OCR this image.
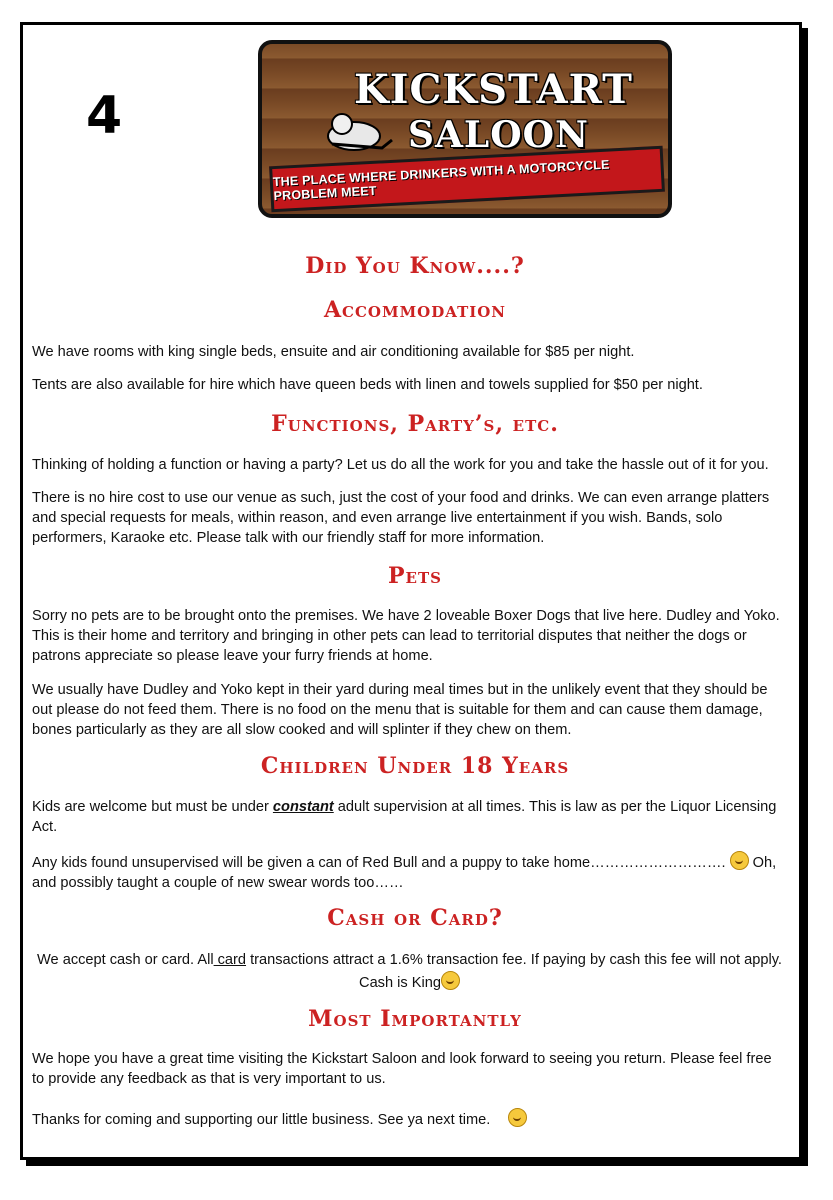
4	KICKSTART
SALOON
THE PLACE WHERE DRINKERS WITH A MOTORCYCLE PROBLEM MEET
Did You Know....?
Accommodation

We have rooms with king single beds, ensuite and air conditioning available for $85 per night.

Tents are also available for hire which have queen beds with linen and towels supplied for $50 per night.

Functions, Party’s, etc.

Thinking of holding a function or having a party? Let us do all the work for you and take the hassle out of it for you.

There is no hire cost to use our venue as such, just the cost of your food and drinks. We can even arrange platters and special requests for meals, within reason, and even arrange live entertainment if you wish. Bands, solo performers, Karaoke etc. Please talk with our friendly staff for more information.

Pets

Sorry no pets are to be brought onto the premises. We have 2 loveable Boxer Dogs that live here. Dudley and Yoko. This is their home and territory and bringing in other pets can lead to territorial disputes that neither the dogs or patrons appreciate so please leave your furry friends at home.

We usually have Dudley and Yoko kept in their yard during meal times but in the unlikely event that they should be out please do not feed them. There is no food on the menu that is suitable for them and can cause them damage, bones particularly as they are all slow cooked and will splinter if they chew on them.

Children Under 18 Years

Kids are welcome but must be under constant adult supervision at all times. This is law as per the Liquor Licensing Act.

Any kids found unsupervised will be given a can of Red Bull and a puppy to take home……………………….  Oh, and possibly taught a couple of new swear words too……

Cash or Card?

We accept cash or card. All card transactions attract a 1.6% transaction fee. If paying by cash this fee will not apply.

Cash is King

Most Importantly

We hope you have a great time visiting the Kickstart Saloon and look forward to seeing you return. Please feel free to provide any feedback as that is very important to us.

Thanks for coming and supporting our little business. See ya next time.
